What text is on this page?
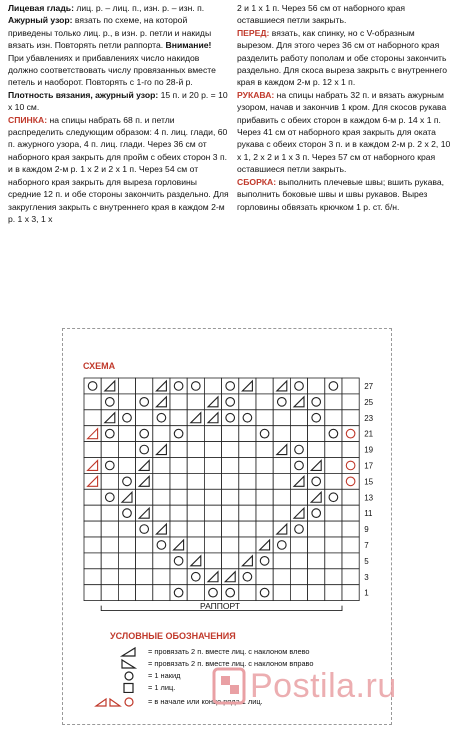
Лицевая гладь: лиц. р. – лиц. п., изн. р. – изн. п.

Ажурный узор: вязать по схеме, на которой приведены только лиц. р., в изн. р. петли и накиды вязать изн. Повторять петли раппорта. Внимание! При убавлениях и прибавлениях число накидов должно соответствовать числу провязанных вместе петель и наоборот. Повторять с 1-го по 28-й р.

Плотность вязания, ажурный узор: 15 п. и 20 р. = 10 х 10 см.

СПИНКА: на спицы набрать 68 п. и петли распределить следующим образом: 4 п. лиц. глади, 60 п. ажурного узора, 4 п. лиц. глади. Через 36 см от наборного края закрыть для пройм с обеих сторон 3 п. и в каждом 2-м р. 1 х 2 и 2 х 1 п. Через 54 см от наборного края закрыть для выреза горловины средние 12 п. и обе стороны закончить раздельно. Для закругления закрыть с внутреннего края в каждом 2-м р. 1 х 3, 1 х

2 и 1 х 1 п. Через 56 см от наборного края оставшиеся петли закрыть.

ПЕРЕД: вязать, как спинку, но с V-образным вырезом. Для этого через 36 см от наборного края разделить работу пополам и обе стороны закончить раздельно. Для скоса выреза закрыть с внутреннего края в каждом 2-м р. 12 х 1 п.

РУКАВА: на спицы набрать 32 п. и вязать ажурным узором, начав и закончив 1 кром. Для скосов рукава прибавить с обеих сторон в каждом 6-м р. 14 х 1 п. Через 41 см от наборного края закрыть для оката рукава с обеих сторон 3 п. и в каждом 2-м р. 2 х 2, 10 х 1, 2 х 2 и 1 х 3 п. Через 57 см от наборного края оставшиеся петли закрыть.

СБОРКА: выполнить плечевые швы; вшить рукава, выполнить боковые швы и швы рукавов. Вырез горловины обвязать крючком 1 р. ст. б/н.

СХЕМА
1
3
5
7
9
11
13
15
17
19
21
23
25
27
РАППОРТ
УСЛОВНЫЕ ОБОЗНАЧЕНИЯ
= провязать 2 п. вместе лиц. с наклоном влево
= провязать 2 п. вместе лиц. с наклоном вправо
= 1 накид
= 1 лиц.
= в начале или конце ряда 1 лиц.
Postila.ru
